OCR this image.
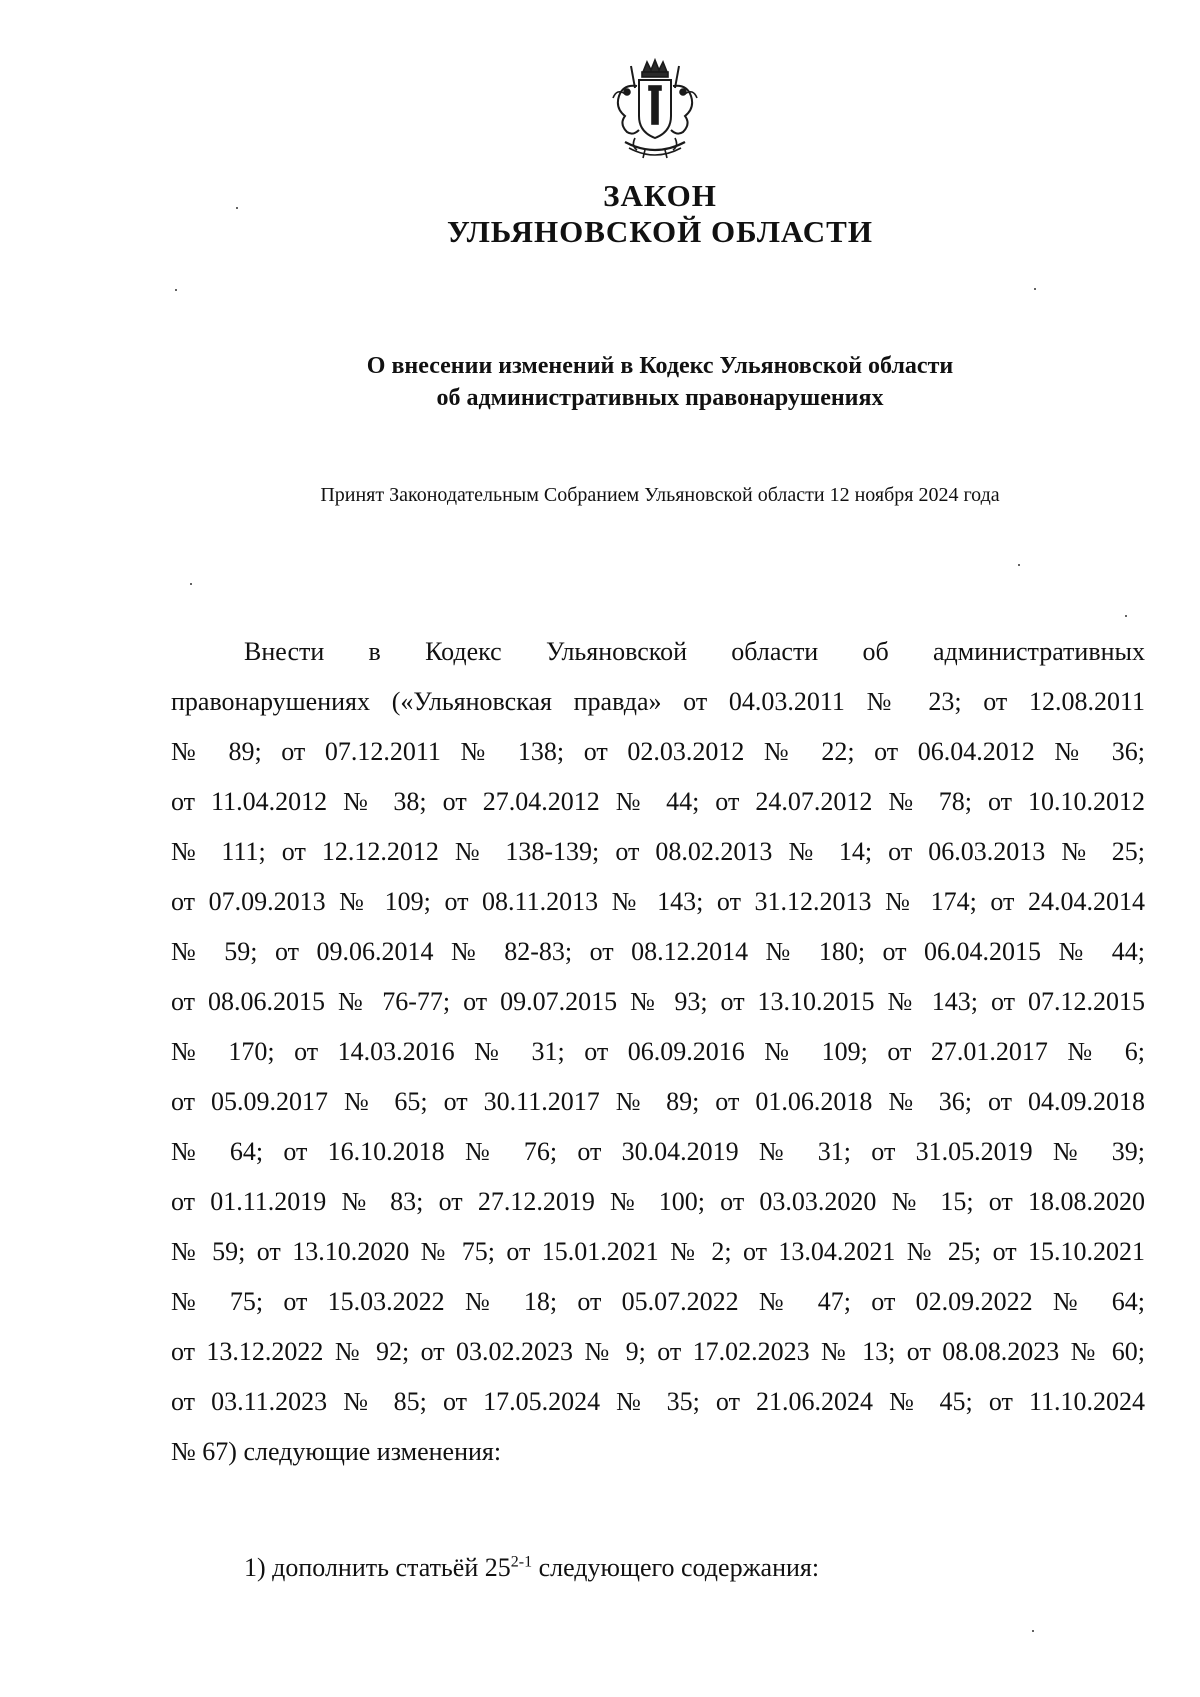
ЗАКОН
УЛЬЯНОВСКОЙ ОБЛАСТИ
О внесении изменений в Кодекс Ульяновской области
об административных правонарушениях
Принят Законодательным Собранием Ульяновской области 12 ноября 2024 года
Внести в Кодекс Ульяновской области об административных
правонарушениях («Ульяновская правда» от 04.03.2011 № 23; от 12.08.2011
№ 89; от 07.12.2011 № 138; от 02.03.2012 № 22; от 06.04.2012 № 36;
от 11.04.2012 № 38; от 27.04.2012 № 44; от 24.07.2012 № 78; от 10.10.2012
№ 111; от 12.12.2012 № 138-139; от 08.02.2013 № 14; от 06.03.2013 № 25;
от 07.09.2013 № 109; от 08.11.2013 № 143; от 31.12.2013 № 174; от 24.04.2014
№ 59; от 09.06.2014 № 82-83; от 08.12.2014 № 180; от 06.04.2015 № 44;
от 08.06.2015 № 76-77; от 09.07.2015 № 93; от 13.10.2015 № 143; от 07.12.2015
№ 170; от 14.03.2016 № 31; от 06.09.2016 № 109; от 27.01.2017 № 6;
от 05.09.2017 № 65; от 30.11.2017 № 89; от 01.06.2018 № 36; от 04.09.2018
№ 64; от 16.10.2018 № 76; от 30.04.2019 № 31; от 31.05.2019 № 39;
от 01.11.2019 № 83; от 27.12.2019 № 100; от 03.03.2020 № 15; от 18.08.2020
№ 59; от 13.10.2020 № 75; от 15.01.2021 № 2; от 13.04.2021 № 25; от 15.10.2021
№ 75; от 15.03.2022 № 18; от 05.07.2022 № 47; от 02.09.2022 № 64;
от 13.12.2022 № 92; от 03.02.2023 № 9; от 17.02.2023 № 13; от 08.08.2023 № 60;
от 03.11.2023 № 85; от 17.05.2024 № 35; от 21.06.2024 № 45; от 11.10.2024
№ 67) следующие изменения:
1) дополнить статьёй 25$^{2-1}$ следующего содержания:
